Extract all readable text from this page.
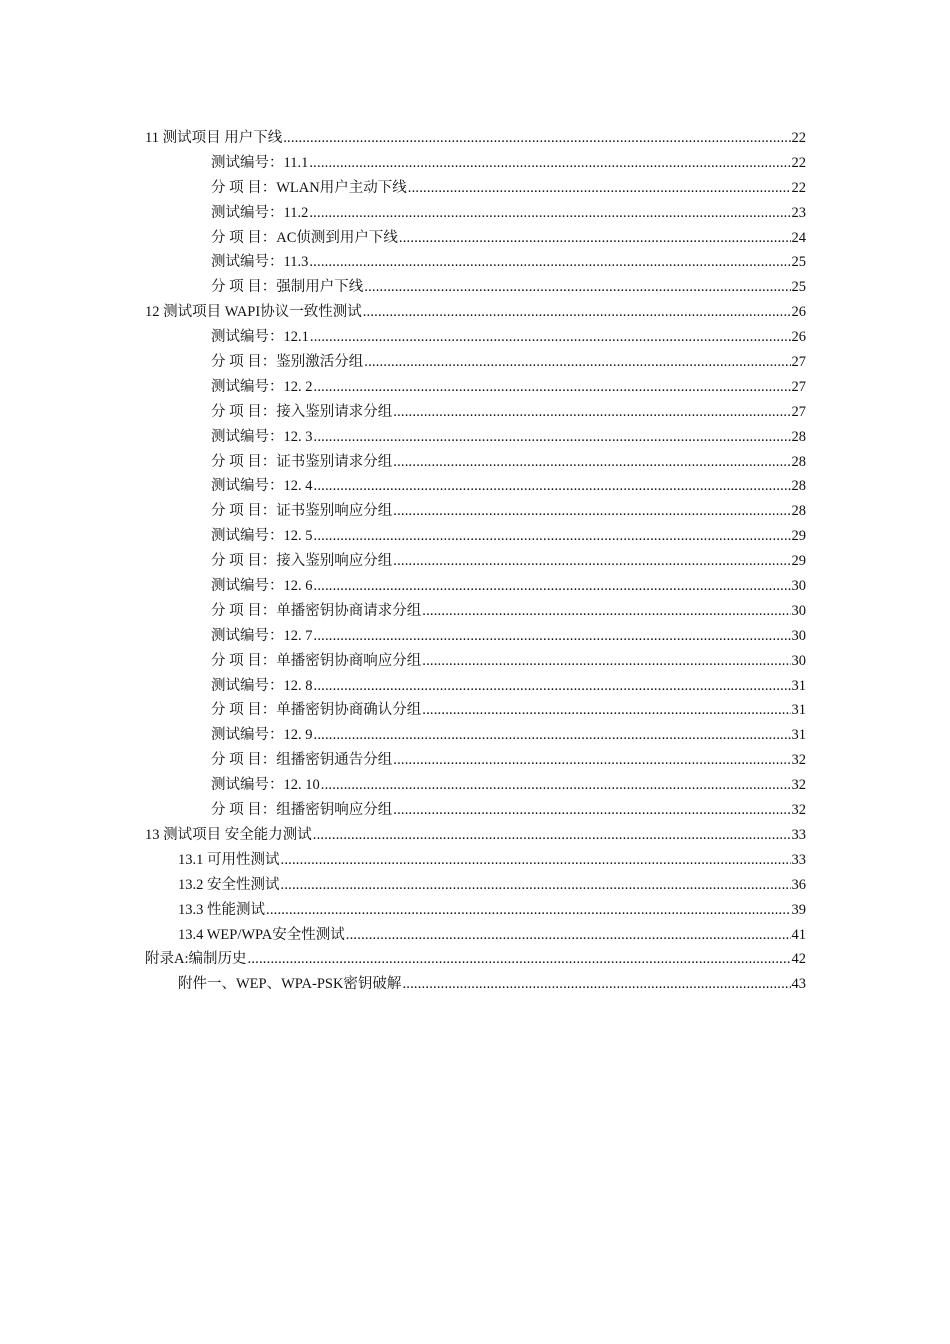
11 测试项目 用户下线 .....	22
测试编号：11.1 .....	22
分 项 目：WLAN用户主动下线 .....	22
测试编号：11.2 .....	23
分 项 目：AC侦测到用户下线 .....	24
测试编号：11.3 .....	25
分 项 目：强制用户下线 .....	25
12 测试项目 WAPI协议一致性测试 .....	26
测试编号：12.1 .....	26
分 项 目：鉴别激活分组 .....	27
测试编号：12. 2 .....	27
分 项 目：接入鉴别请求分组 .....	27
测试编号：12. 3 .....	28
分 项 目：证书鉴别请求分组 .....	28
测试编号：12. 4 .....	28
分 项 目：证书鉴别响应分组 .....	28
测试编号：12. 5 .....	29
分 项 目：接入鉴别响应分组 .....	29
测试编号：12. 6 .....	30
分 项 目：单播密钥协商请求分组 .....	30
测试编号：12. 7 .....	30
分 项 目：单播密钥协商响应分组 .....	30
测试编号：12. 8 .....	31
分 项 目：单播密钥协商确认分组 .....	31
测试编号：12. 9 .....	31
分 项 目：组播密钥通告分组 .....	32
测试编号：12. 10 .....	32
分 项 目：组播密钥响应分组 .....	32
13 测试项目 安全能力测试 .....	33
13.1 可用性测试 .....	33
13.2 安全性测试 .....	36
13.3 性能测试 .....	39
13.4 WEP/WPA安全性测试 .....	41
附录A:编制历史 .....	42
附件一、WEP、WPA-PSK密钥破解 .....	43
